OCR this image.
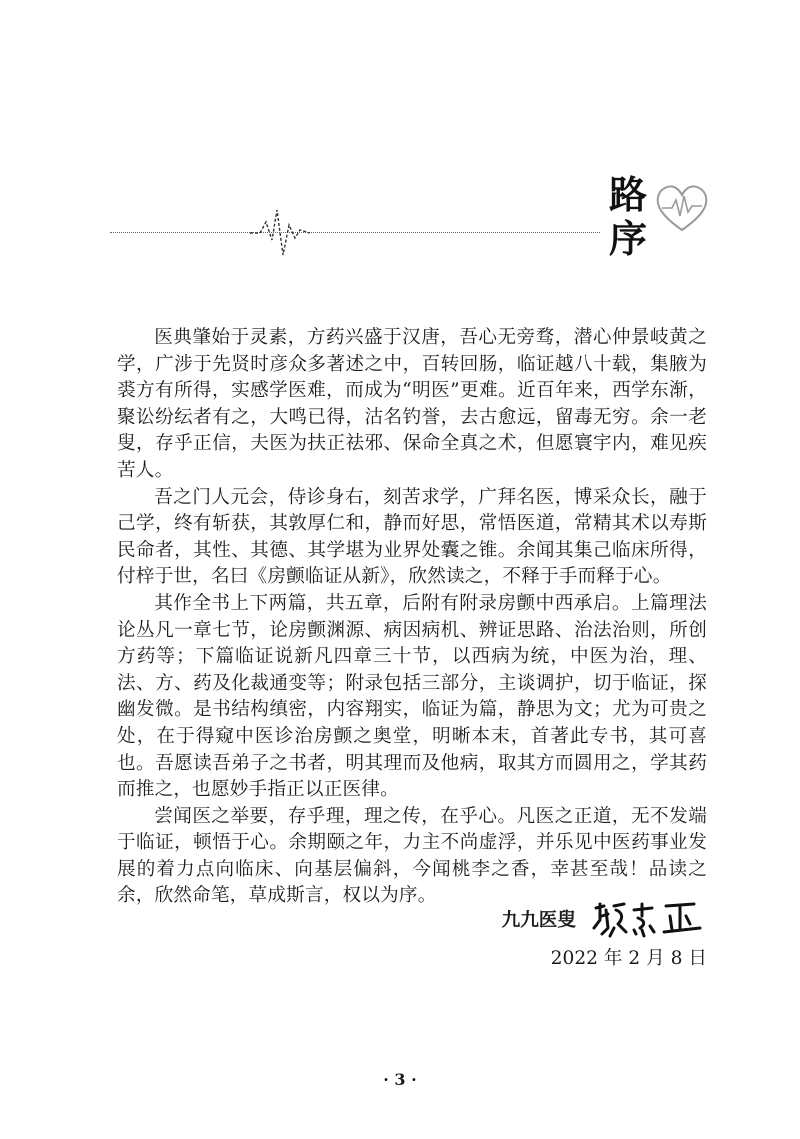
路
序

医典肇始于灵素，方药兴盛于汉唐，吾心无旁骛，潜心仲景岐黄之学，广涉于先贤时彦众多著述之中，百转回肠，临证越八十载，集腋为裘方有所得，实感学医难，而成为“明医”更难。近百年来，西学东渐，聚讼纷纭者有之，大鸣已得，沽名钓誉，去古愈远，留毒无穷。余一老叟，存乎正信，夫医为扶正祛邪、保命全真之术，但愿寰宇内，难见疾苦人。

吾之门人元会，侍诊身右，刻苦求学，广拜名医，博采众长，融于己学，终有斩获，其敦厚仁和，静而好思，常悟医道，常精其术以寿斯民命者，其性、其德、其学堪为业界处囊之锥。余闻其集己临床所得，付梓于世，名曰《房颤临证从新》，欣然读之，不释于手而释于心。

其作全书上下两篇，共五章，后附有附录房颤中西承启。上篇理法论丛凡一章七节，论房颤渊源、病因病机、辨证思路、治法治则，所创方药等；下篇临证说新凡四章三十节，以西病为统，中医为治，理、法、方、药及化裁通变等；附录包括三部分，主谈调护，切于临证，探幽发微。是书结构缜密，内容翔实，临证为篇，静思为文；尤为可贵之处，在于得窥中医诊治房颤之奥堂，明晰本末，首著此专书，其可喜也。吾愿读吾弟子之书者，明其理而及他病，取其方而圆用之，学其药而推之，也愿妙手指正以正医律。

尝闻医之举要，存乎理，理之传，在乎心。凡医之正道，无不发端于临证，顿悟于心。余期颐之年，力主不尚虚浮，并乐见中医药事业发展的着力点向临床、向基层偏斜，今闻桃李之香，幸甚至哉！品读之余，欣然命笔，草成斯言，权以为序。

九九医叟
2022 年 2 月 8 日
· 3 ·
